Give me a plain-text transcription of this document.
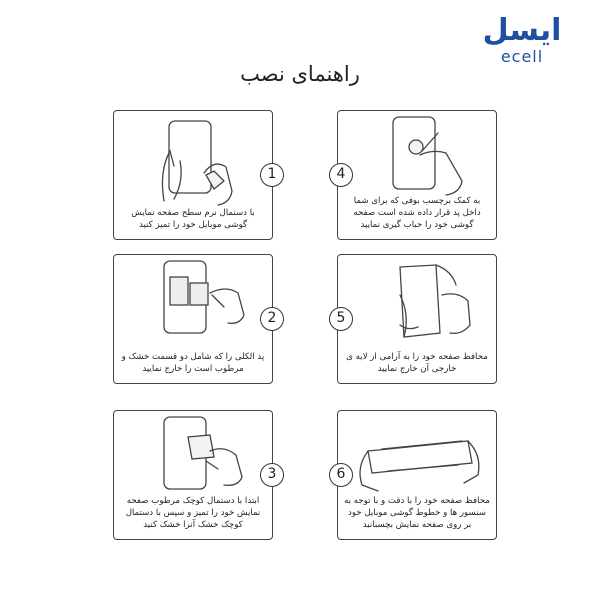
ایسل
ecell
راهنمای نصب
با دستمال نرم سطح صفحه نمایش گوشی موبایل خود را تمیز کنید
1
به کمک برچسب بوفی که برای شما داخل پد قرار داده شده است صفحه گوشی خود را حباب گیری نمایید
4
پد الکلی را که شامل دو قسمت خشک و مرطوب است را خارج نمایید
2
محافظ صفحه خود را به آرامی از لایه ی خارجی آن خارج نمایید
5
ابتدا با دستمال کوچک مرطوب صفحه نمایش خود را تمیز و سپس با دستمال کوچک خشک آنرا خشک کنید
3
محافظ صفحه خود را با دقت و با توجه به سنسور ها و خطوط گوشی موبایل خود بر روی صفحه نمایش بچسبانید
6
